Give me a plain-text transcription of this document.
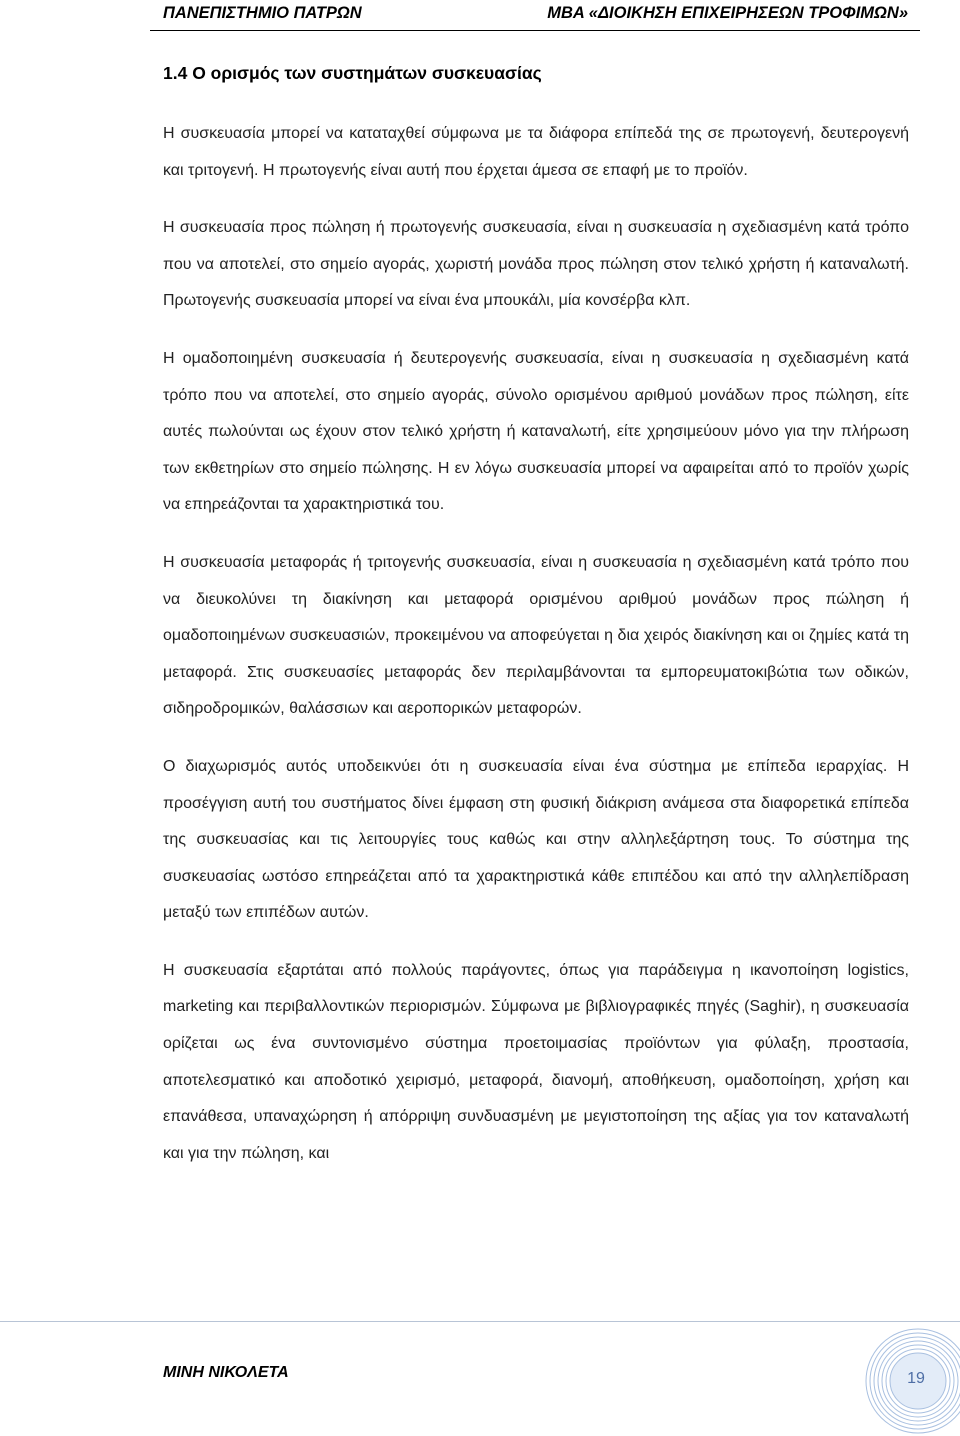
ΠΑΝΕΠΙΣΤΗΜΙΟ ΠΑΤΡΩΝ	ΜΒΑ «ΔΙΟΙΚΗΣΗ ΕΠΙΧΕΙΡΗΣΕΩΝ ΤΡΟΦΙΜΩΝ»
1.4 Ο ορισμός των συστημάτων συσκευασίας

Η συσκευασία μπορεί να καταταχθεί σύμφωνα με τα διάφορα επίπεδά της σε πρωτογενή, δευτερογενή και τριτογενή. Η πρωτογενής είναι αυτή που έρχεται άμεσα σε επαφή με το προϊόν.

Η συσκευασία προς πώληση ή πρωτογενής συσκευασία, είναι η συσκευασία η σχεδιασμένη κατά τρόπο που να αποτελεί, στο σημείο αγοράς, χωριστή μονάδα προς πώληση στον τελικό χρήστη ή καταναλωτή. Πρωτογενής συσκευασία μπορεί να είναι ένα μπουκάλι, μία κονσέρβα κλπ.

Η ομαδοποιημένη συσκευασία ή δευτερογενής συσκευασία, είναι η συσκευασία η σχεδιασμένη κατά τρόπο που να αποτελεί, στο σημείο αγοράς, σύνολο ορισμένου αριθμού μονάδων προς πώληση, είτε αυτές πωλούνται ως έχουν στον τελικό χρήστη ή καταναλωτή, είτε χρησιμεύουν μόνο για την πλήρωση των εκθετηρίων στο σημείο πώλησης. Η εν λόγω συσκευασία μπορεί να αφαιρείται από το προϊόν χωρίς να επηρεάζονται τα χαρακτηριστικά του.

Η συσκευασία μεταφοράς ή τριτογενής συσκευασία, είναι η συσκευασία η σχεδιασμένη κατά τρόπο που να διευκολύνει τη διακίνηση και μεταφορά ορισμένου αριθμού μονάδων προς πώληση ή ομαδοποιημένων συσκευασιών, προκειμένου να αποφεύγεται η δια χειρός διακίνηση και οι ζημίες κατά τη μεταφορά. Στις συσκευασίες μεταφοράς δεν περιλαμβάνονται τα εμπορευματοκιβώτια των οδικών, σιδηροδρομικών, θαλάσσιων και αεροπορικών μεταφορών.

Ο διαχωρισμός αυτός υποδεικνύει ότι η συσκευασία είναι ένα σύστημα με επίπεδα ιεραρχίας. Η προσέγγιση αυτή του συστήματος δίνει έμφαση στη φυσική διάκριση ανάμεσα στα διαφορετικά επίπεδα της συσκευασίας και τις λειτουργίες τους καθώς και στην αλληλεξάρτηση τους. Το σύστημα της συσκευασίας ωστόσο επηρεάζεται από τα χαρακτηριστικά κάθε επιπέδου και από την αλληλεπίδραση μεταξύ των επιπέδων αυτών.

Η συσκευασία εξαρτάται από πολλούς παράγοντες, όπως για παράδειγμα η ικανοποίηση logistics, marketing και περιβαλλοντικών περιορισμών. Σύμφωνα με βιβλιογραφικές πηγές (Saghir), η συσκευασία ορίζεται ως ένα συντονισμένο σύστημα προετοιμασίας προϊόντων για φύλαξη, προστασία, αποτελεσματικό και αποδοτικό χειρισμό, μεταφορά, διανομή, αποθήκευση, ομαδοποίηση, χρήση και επανάθεσα, υπαναχώρηση ή απόρριψη συνδυασμένη με μεγιστοποίηση της αξίας για τον καταναλωτή και για την πώληση, και

ΜΙΝΗ ΝΙΚΟΛΕΤΑ	19
